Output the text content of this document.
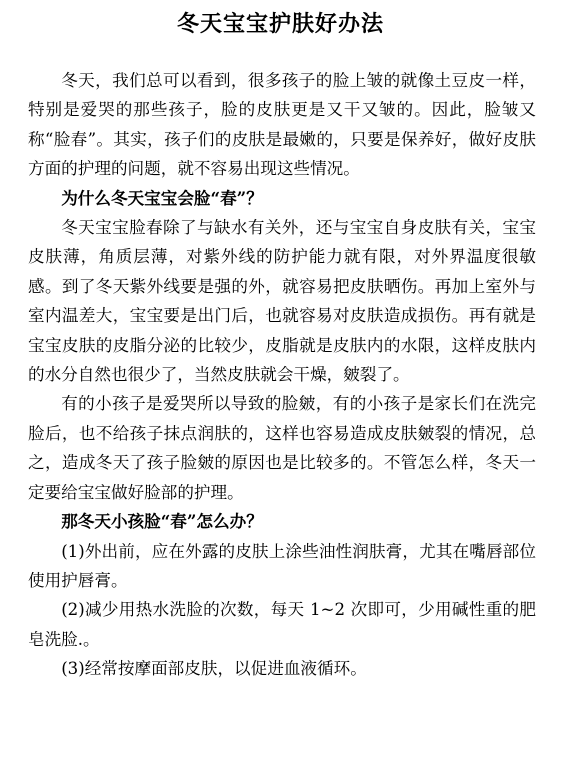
冬天宝宝护肤好办法

冬天，我们总可以看到，很多孩子的脸上皱的就像土豆皮一样，特别是爱哭的那些孩子，脸的皮肤更是又干又皱的。因此，脸皱又称“脸春”。其实，孩子们的皮肤是最嫩的，只要是保养好，做好皮肤方面的护理的问题，就不容易出现这些情况。

为什么冬天宝宝会脸“春”？

冬天宝宝脸春除了与缺水有关外，还与宝宝自身皮肤有关，宝宝皮肤薄，角质层薄，对紫外线的防护能力就有限，对外界温度很敏感。到了冬天紫外线要是强的外，就容易把皮肤晒伤。再加上室外与室内温差大，宝宝要是出门后，也就容易对皮肤造成损伤。再有就是宝宝皮肤的皮脂分泌的比较少，皮脂就是皮肤内的水限，这样皮肤内的水分自然也很少了，当然皮肤就会干燥，皴裂了。

有的小孩子是爱哭所以导致的脸皴，有的小孩子是家长们在洗完脸后，也不给孩子抹点润肤的，这样也容易造成皮肤皴裂的情况，总之，造成冬天了孩子脸皴的原因也是比较多的。不管怎么样，冬天一定要给宝宝做好脸部的护理。

那冬天小孩脸“春”怎么办？

(1)外出前，应在外露的皮肤上涂些油性润肤膏，尤其在嘴唇部位使用护唇膏。

(2)减少用热水洗脸的次数，每天 1~2 次即可，少用碱性重的肥皂洗脸.。

(3)经常按摩面部皮肤，以促进血液循环。
